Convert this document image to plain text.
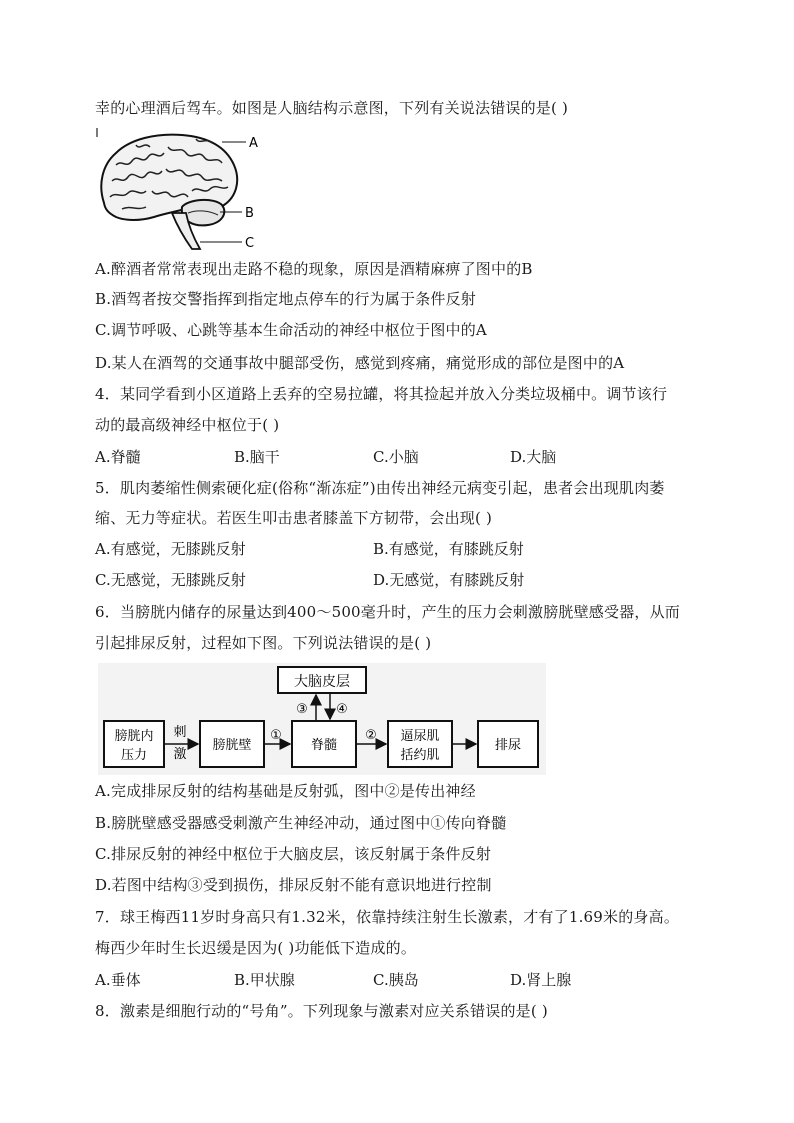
幸的心理酒后驾车。如图是人脑结构示意图，下列有关说法错误的是( )
A
B
C
A.醉酒者常常表现出走路不稳的现象，原因是酒精麻痹了图中的B
B.酒驾者按交警指挥到指定地点停车的行为属于条件反射
C.调节呼吸、心跳等基本生命活动的神经中枢位于图中的A
D.某人在酒驾的交通事故中腿部受伤，感觉到疼痛，痛觉形成的部位是图中的A
4．某同学看到小区道路上丢弃的空易拉罐，将其捡起并放入分类垃圾桶中。调节该行
动的最高级神经中枢位于( )
A.脊髓	B.脑干	C.小脑	D.大脑
5．肌肉萎缩性侧索硬化症(俗称“渐冻症”)由传出神经元病变引起，患者会出现肌肉萎
缩、无力等症状。若医生叩击患者膝盖下方韧带，会出现( )
A.有感觉，无膝跳反射	B.有感觉，有膝跳反射
C.无感觉，无膝跳反射	D.无感觉，有膝跳反射
6．当膀胱内储存的尿量达到400～500毫升时，产生的压力会刺激膀胱壁感受器，从而
引起排尿反射，过程如下图。下列说法错误的是( )
大脑皮层
膀胱内
压力
刺
激
膀胱壁
①
脊髓
③ ④
② 逼尿肌
括约肌
排尿
A.完成排尿反射的结构基础是反射弧，图中②是传出神经
B.膀胱壁感受器感受刺激产生神经冲动，通过图中①传向脊髓
C.排尿反射的神经中枢位于大脑皮层，该反射属于条件反射
D.若图中结构③受到损伤，排尿反射不能有意识地进行控制
7．球王梅西11岁时身高只有1.32米，依靠持续注射生长激素，才有了1.69米的身高。
梅西少年时生长迟缓是因为( )功能低下造成的。
A.垂体	B.甲状腺	C.胰岛	D.肾上腺
8．激素是细胞行动的“号角”。下列现象与激素对应关系错误的是( )
